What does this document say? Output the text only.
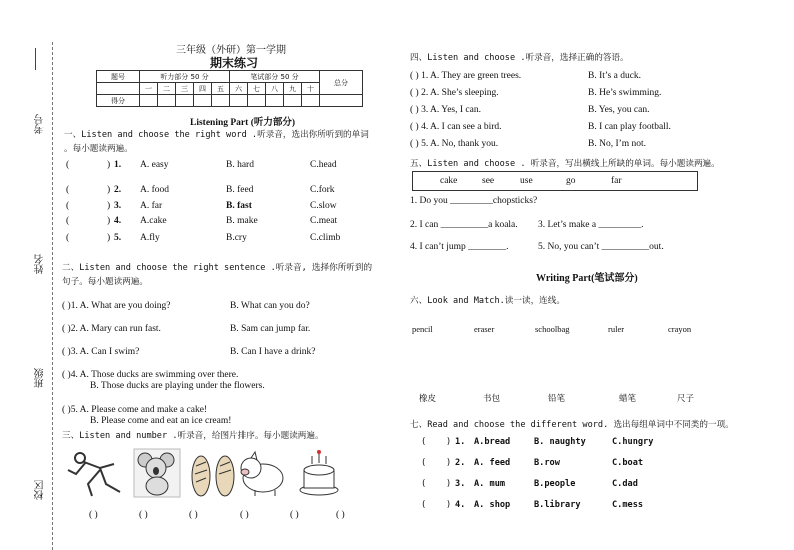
考号
姓名
班级
校区
三年级（外研）第一学期
期末练习
题号	听力部分 50 分					笔试部分 50 分					总分
	一	二	三	四	五	六	七	八	九	十	
得分											
Listening Part (听力部分)
一、Listen and choose the right word .听录音，选出你所听到的单词
。每小题读两遍。
(	) 1. A. easy	B. hard	C.head
(	) 2. A. food	B. feed	C.fork
(	) 3. A. far	B. fast	C.slow
(	) 4. A.cake	B. make	C.meat
(	) 5. A.fly	B.cry	C.climb
二、Listen and choose the right sentence .听录音, 选择你所听到的
句子。每小题读两遍。
( )1. A. What are you doing?	B. What can you do?
( )2. A. Mary can run fast.	B. Sam can jump far.
( )3. A. Can I swim?	B. Can I have a drink?
( )4. A. Those ducks are swimming over there.
B. Those ducks are playing under the flowers.
( )5. A. Please come and make a cake!
B. Please come and eat an ice cream!
三、Listen and number .听录音，给图片排序。每小题读两遍。
( )	( )	( )	( )	( )	( )
四、Listen and choose .听录音，选择正确的答语。
( ) 1. A. They are green trees.	B. It’s a duck.
( ) 2. A. She’s sleeping.	B. He’s swimming.
( ) 3. A. Yes, I can.	B. Yes, you can.
( ) 4. A. I can see a bird.	B. I can play football.
( ) 5. A. No, thank you.	B. No, I’m not.
五、Listen and choose . 听录音，写出横线上所缺的单词。每小题读两遍。
cake	see	use	go	far
1. Do you _________chopsticks?
2. I can __________a koala. 3. Let’s make a _________.
4. I can’t jump ________.	5. No, you can’t __________out.
Writing Part(笔试部分)
六、Look and Match.读一读，连线。
pencil	eraser	schoolbag	ruler	crayon
橡皮	书包	铅笔	蜡笔	尺子
七、Read and choose the different word. 选出每组单词中不同类的一项。
( ) 1. A.bread	B. naughty	C.hungry
( ) 2. A. feed	B.row	C.boat
( ) 3. A. mum	B.people	C.dad
( ) 4. A. shop	B.library	C.mess
